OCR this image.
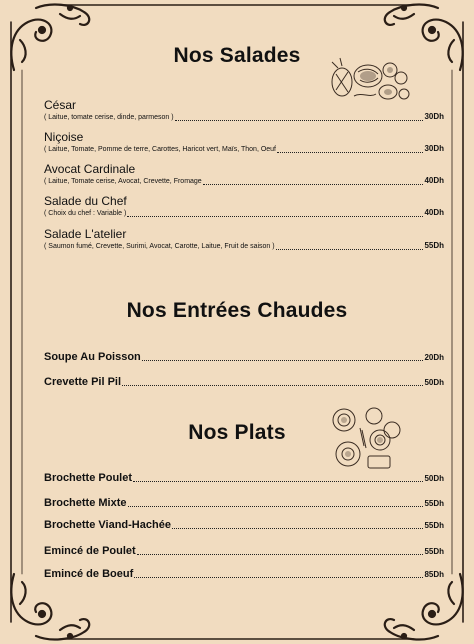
Nos Salades
César
( Laitue, tomate cerise, dinde, parmeson )	30Dh
Niçoise
( Laitue, Tomate, Pomme de terre, Carottes, Haricot vert, Maïs, Thon, Oeuf	30Dh
Avocat Cardinale
( Laitue, Tomate cerise, Avocat, Crevette, Fromage	40Dh
Salade du Chef
( Choix du chef : Variable )	40Dh
Salade L'atelier
( Saumon fumé, Crevette, Surimi, Avocat, Carotte, Laitue, Fruit de saison )	55Dh
Nos Entrées Chaudes
Soupe Au Poisson	20Dh
Crevette Pil Pil	50Dh
Nos Plats
Brochette Poulet	50Dh
Brochette Mixte	55Dh
Brochette Viand-Hachée	55Dh
Emincé de Poulet	55Dh
Emincé de Boeuf	85Dh
